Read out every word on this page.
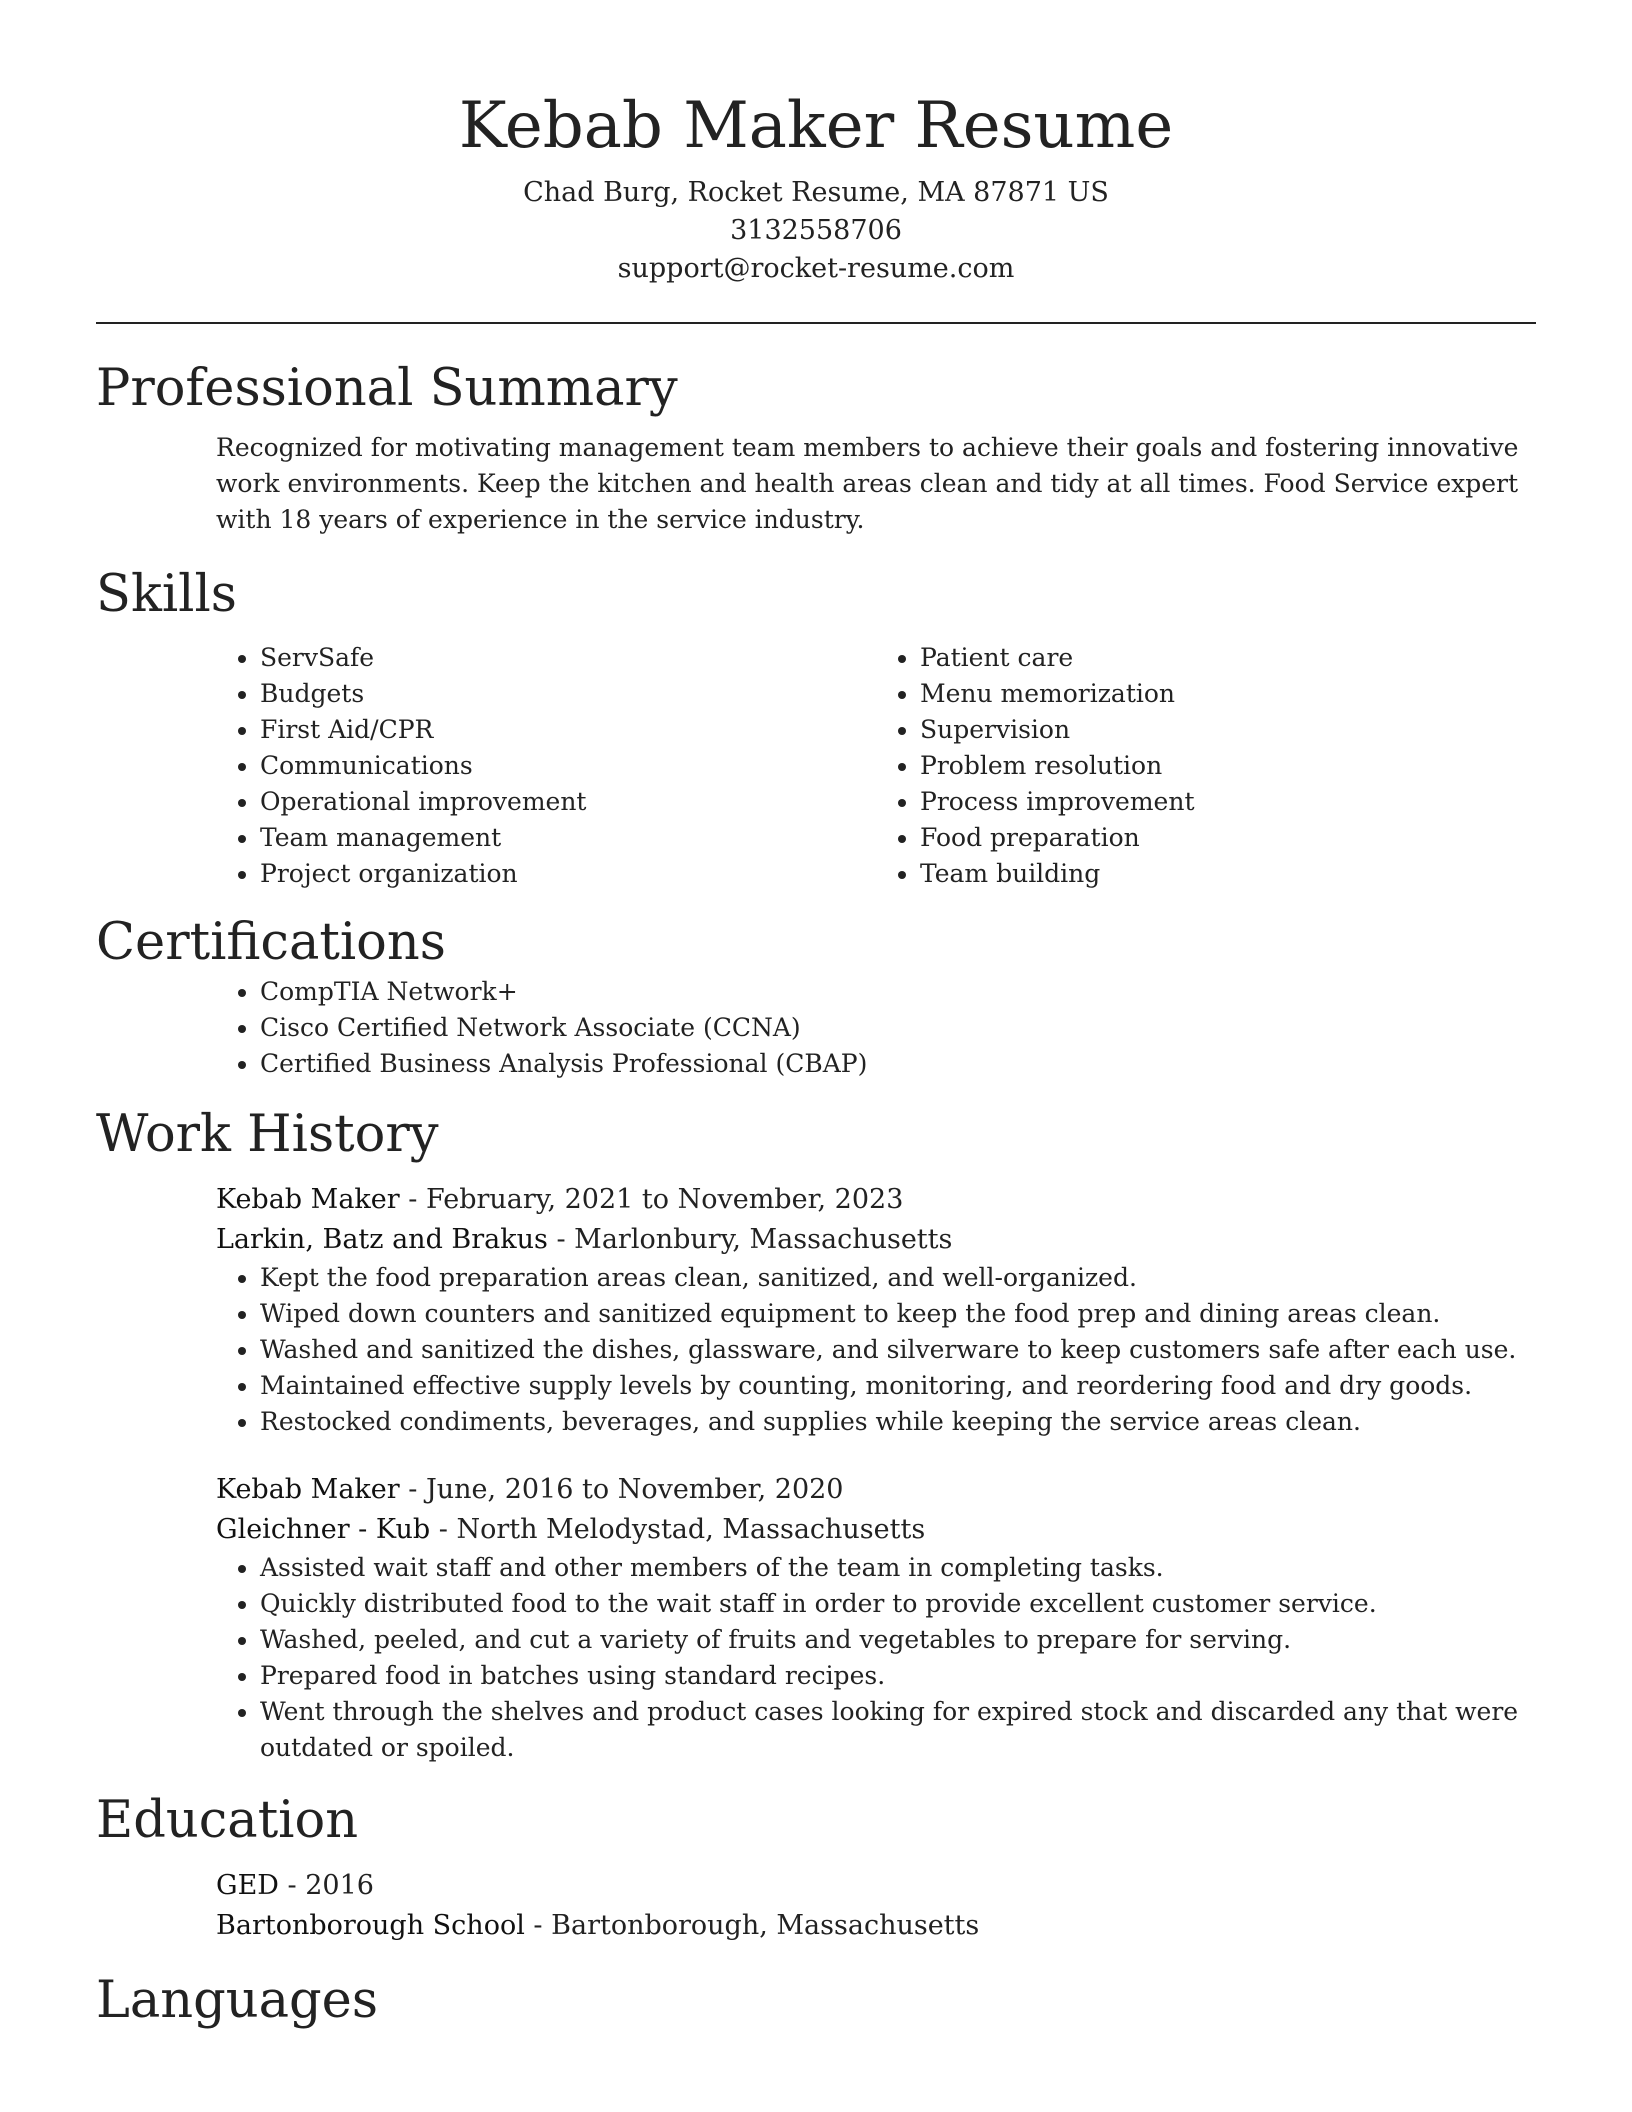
Kebab Maker Resume
Chad Burg, Rocket Resume, MA 87871 US
3132558706
support@rocket-resume.com
Professional Summary

Recognized for motivating management team members to achieve their goals and fostering innovative work environments. Keep the kitchen and health areas clean and tidy at all times. Food Service expert with 18 years of experience in the service industry.

Skills
• ServSafe
• Budgets
• First Aid/CPR
• Communications
• Operational improvement
• Team management
• Project organization
• Patient care
• Menu memorization
• Supervision
• Problem resolution
• Process improvement
• Food preparation
• Team building
Certifications
• CompTIA Network+
• Cisco Certified Network Associate (CCNA)
• Certified Business Analysis Professional (CBAP)
Work History
Kebab Maker - February, 2021 to November, 2023
Larkin, Batz and Brakus - Marlonbury, Massachusetts
• Kept the food preparation areas clean, sanitized, and well-organized.
• Wiped down counters and sanitized equipment to keep the food prep and dining areas clean.
• Washed and sanitized the dishes, glassware, and silverware to keep customers safe after each use.
• Maintained effective supply levels by counting, monitoring, and reordering food and dry goods.
• Restocked condiments, beverages, and supplies while keeping the service areas clean.
Kebab Maker - June, 2016 to November, 2020
Gleichner - Kub - North Melodystad, Massachusetts
• Assisted wait staff and other members of the team in completing tasks.
• Quickly distributed food to the wait staff in order to provide excellent customer service.
• Washed, peeled, and cut a variety of fruits and vegetables to prepare for serving.
• Prepared food in batches using standard recipes.
• Went through the shelves and product cases looking for expired stock and discarded any that were outdated or spoiled.
Education
GED - 2016
Bartonborough School - Bartonborough, Massachusetts
Languages
